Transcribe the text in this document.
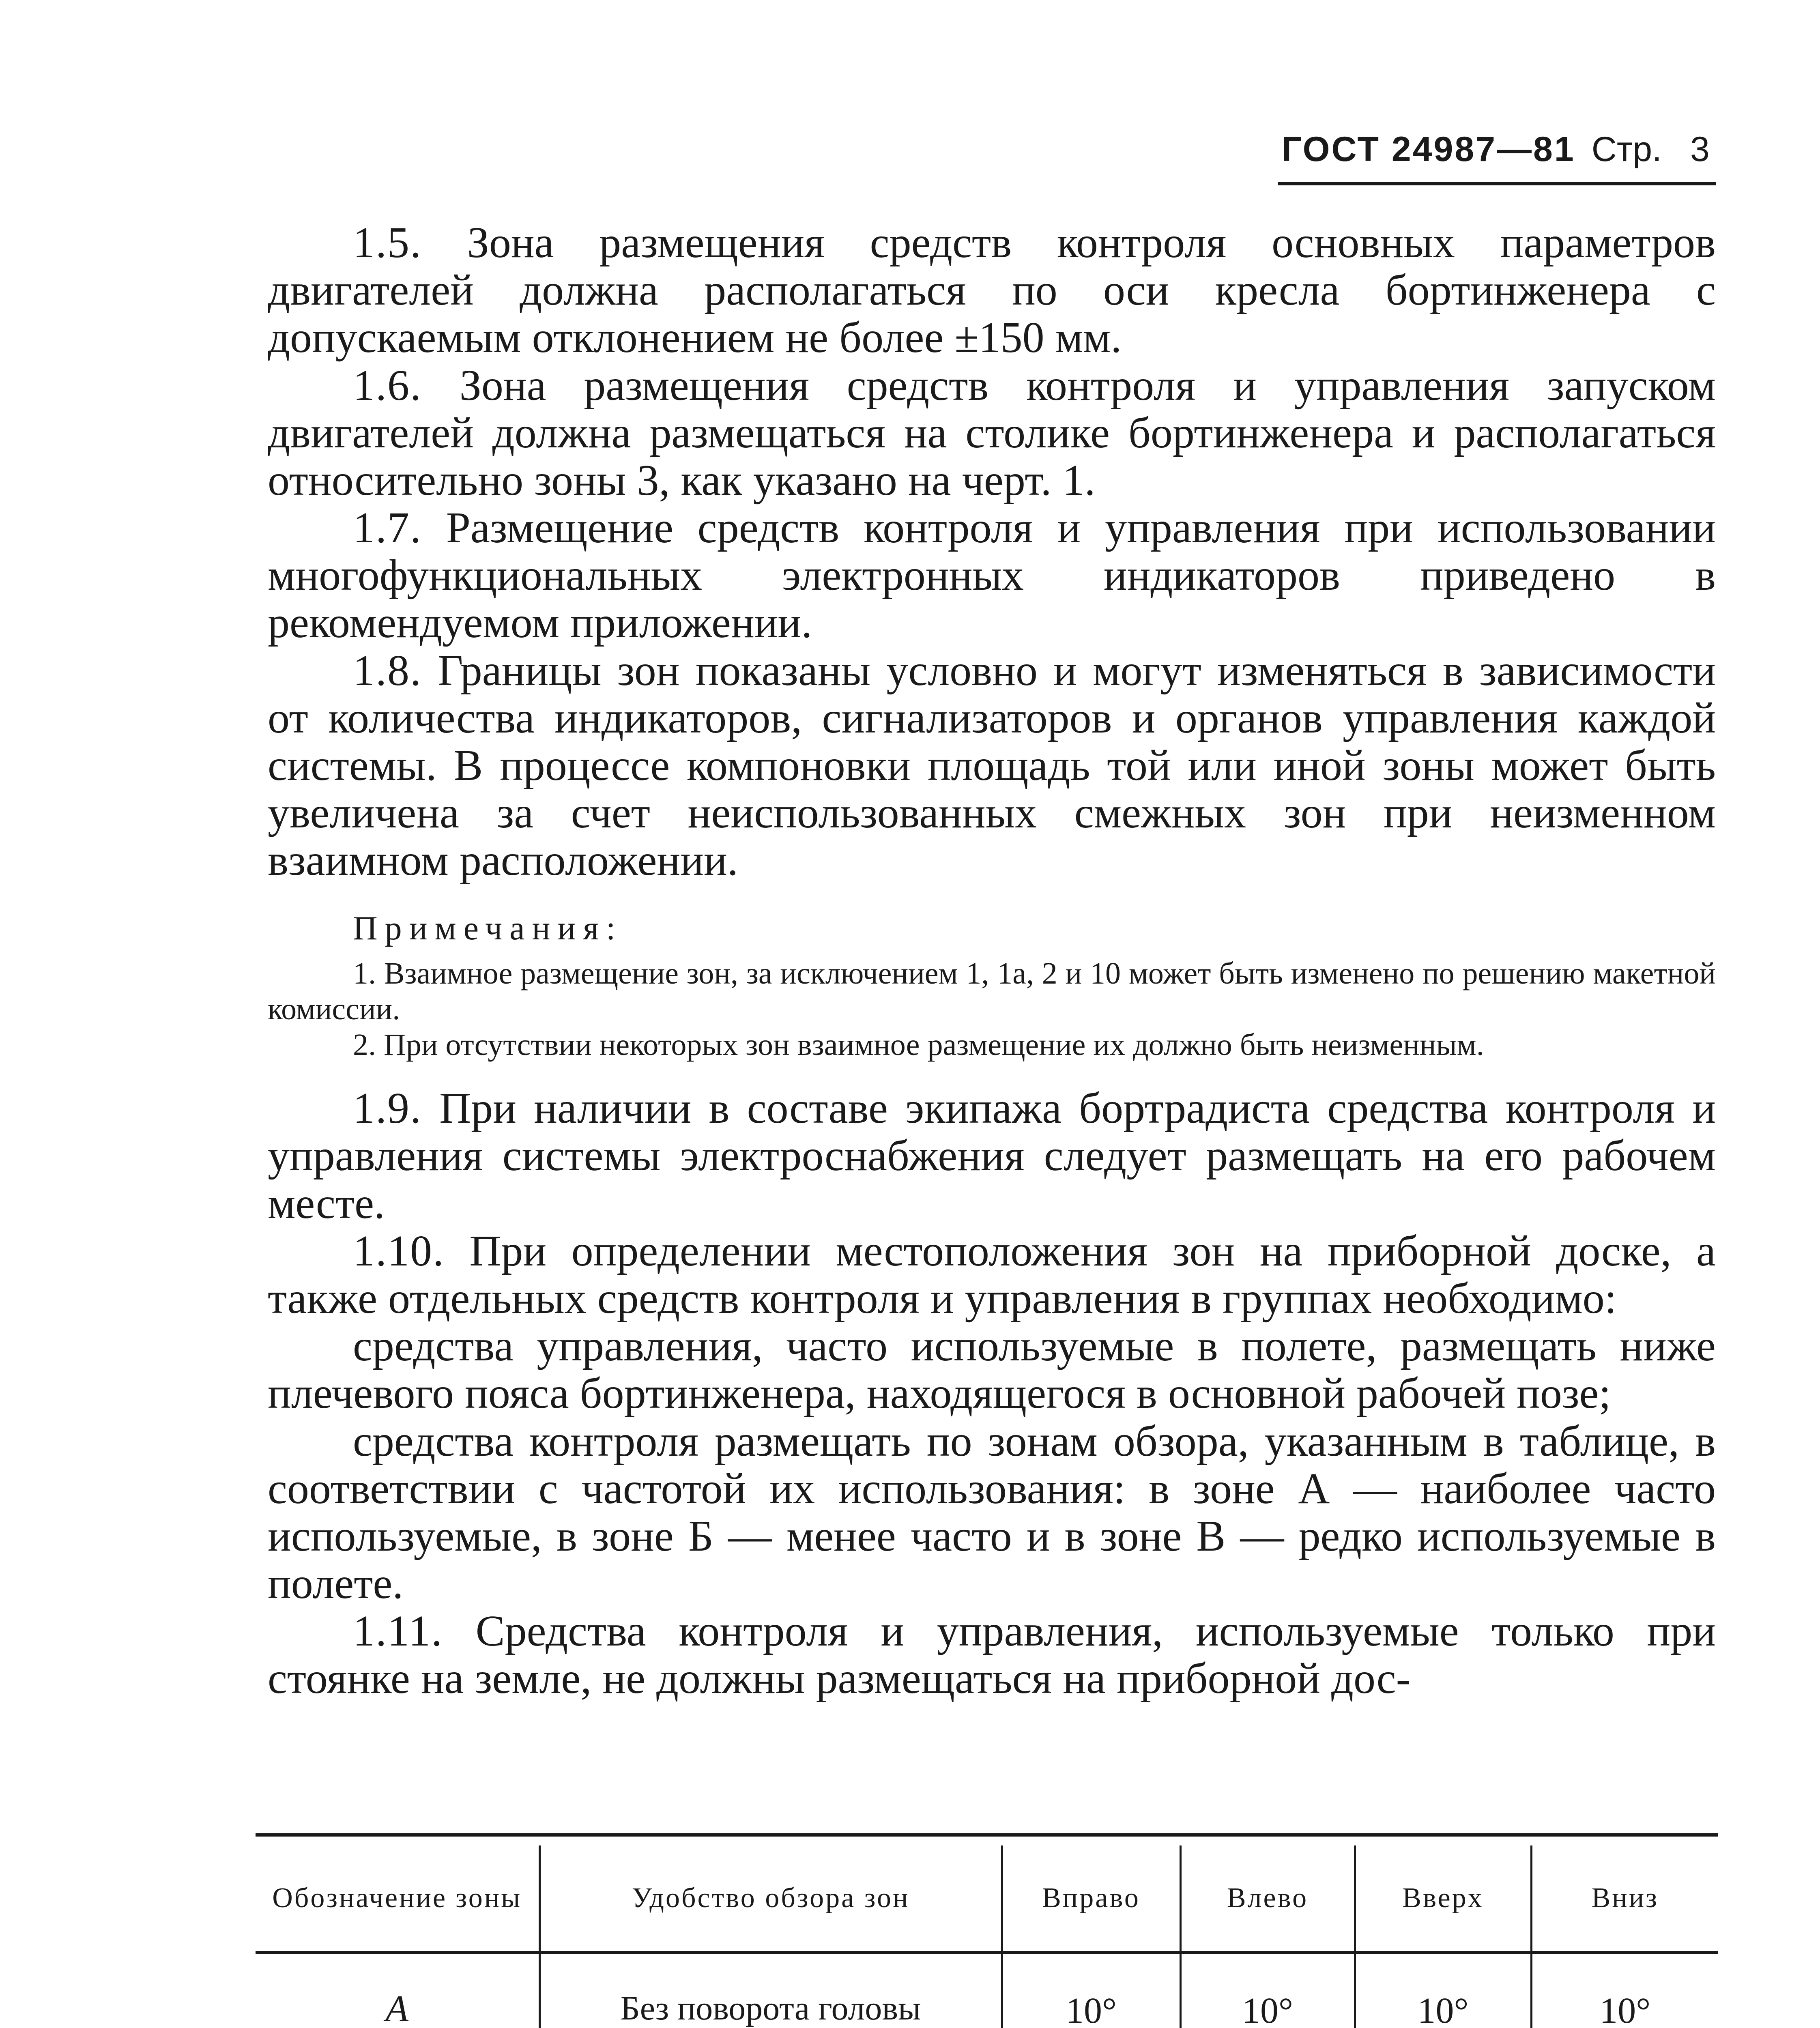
ГОСТ 24987—81 Стр. 3

1.5. Зона размещения средств контроля основных параметров двигателей должна располагаться по оси кресла бортинженера с допускаемым отклонением не более ±150 мм.

1.6. Зона размещения средств контроля и управления запуском двигателей должна размещаться на столике бортинженера и располагаться относительно зоны 3, как указано на черт. 1.

1.7. Размещение средств контроля и управления при использовании многофункциональных электронных индикаторов приведено в рекомендуемом приложении.

1.8. Границы зон показаны условно и могут изменяться в зависимости от количества индикаторов, сигнализаторов и органов управления каждой системы. В процессе компоновки площадь той или иной зоны может быть увеличена за счет неиспользованных смежных зон при неизменном взаимном расположении.

Примечания:

1. Взаимное размещение зон, за исключением 1, 1а, 2 и 10 может быть изменено по решению макетной комиссии.

2. При отсутствии некоторых зон взаимное размещение их должно быть неизменным.

1.9. При наличии в составе экипажа бортрадиста средства контроля и управления системы электроснабжения следует размещать на его рабочем месте.

1.10. При определении местоположения зон на приборной доске, а также отдельных средств контроля и управления в группах необходимо:

средства управления, часто используемые в полете, размещать ниже плечевого пояса бортинженера, находящегося в основной рабочей позе;

средства контроля размещать по зонам обзора, указанным в таблице, в соответствии с частотой их использования: в зоне А — наиболее часто используемые, в зоне Б — менее часто и в зоне В — редко используемые в полете.

1.11. Средства контроля и управления, используемые только при стоянке на земле, не должны размещаться на приборной дос-

Обозначение зоны	Удобство обзора зон	Вправо	Влево	Вверх	Вниз
А	Без поворота головы	10°	10°	10°	10°
